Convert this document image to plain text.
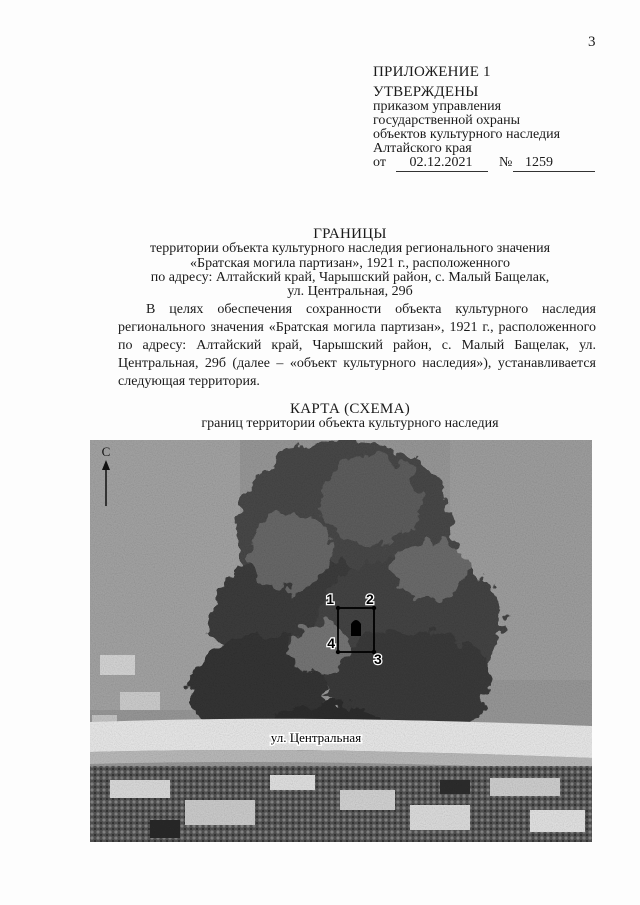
3
ПРИЛОЖЕНИЕ 1
УТВЕРЖДЕНЫ
приказом управления
государственной охраны
объектов культурного наследия
Алтайского края
от	02.12.2021	№ 1259
ГРАНИЦЫ
территории объекта культурного наследия регионального значения
«Братская могила партизан», 1921 г., расположенного
по адресу: Алтайский край, Чарышский район, с. Малый Бащелак,
ул. Центральная, 29б
В целях обеспечения сохранности объекта культурного наследия регионального значения «Братская могила партизан», 1921 г., расположенного по адресу: Алтайский край, Чарышский район, с. Малый Бащелак, ул. Центральная, 29б (далее – «объект культурного наследия»), устанавливается следующая территория.
КАРТА (СХЕМА)
границ территории объекта культурного наследия
С
1 2
3
4
ул. Центральная
